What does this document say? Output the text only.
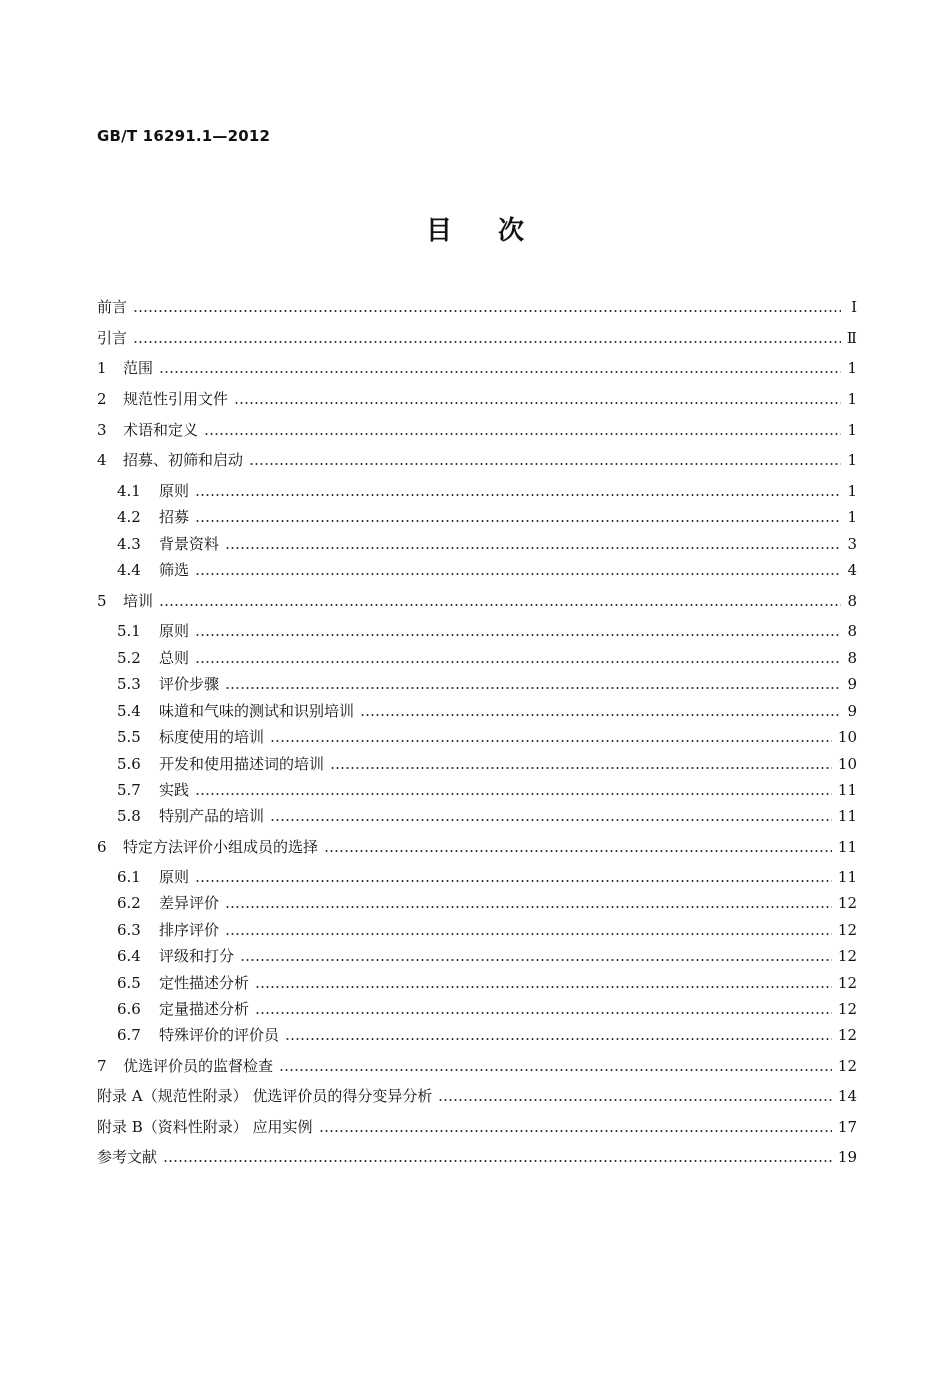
GB/T 16291.1—2012
目次
前言	Ⅰ
引言	Ⅱ
1	范围	1
2	规范性引用文件	1
3	术语和定义	1
4	招募、初筛和启动	1
4.1	原则	1
4.2	招募	1
4.3	背景资料	3
4.4	筛选	4
5	培训	8
5.1	原则	8
5.2	总则	8
5.3	评价步骤	9
5.4	味道和气味的测试和识别培训	9
5.5	标度使用的培训	10
5.6	开发和使用描述词的培训	10
5.7	实践	11
5.8	特别产品的培训	11
6	特定方法评价小组成员的选择	11
6.1	原则	11
6.2	差异评价	12
6.3	排序评价	12
6.4	评级和打分	12
6.5	定性描述分析	12
6.6	定量描述分析	12
6.7	特殊评价的评价员	12
7	优选评价员的监督检查	12
附录 A（规范性附录） 优选评价员的得分变异分析	14
附录 B（资料性附录） 应用实例	17
参考文献	19
